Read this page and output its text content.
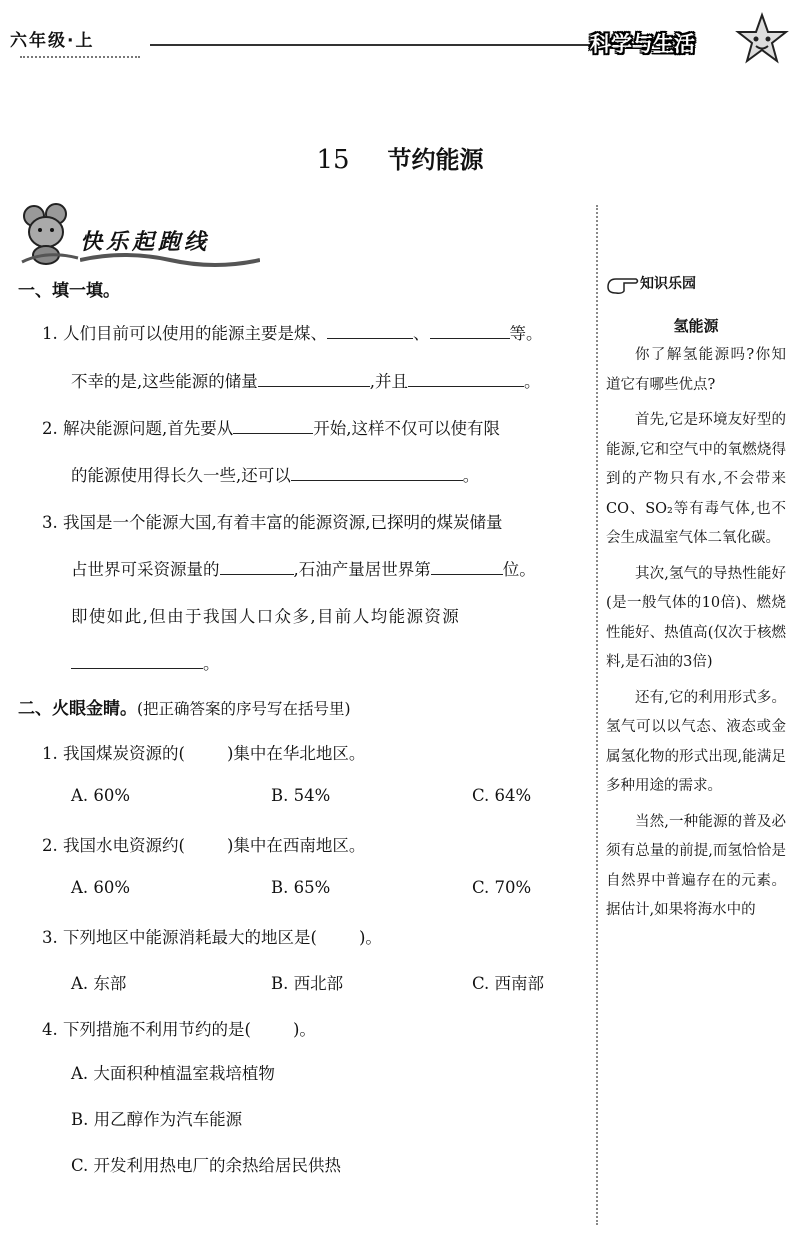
六年级·上	科学与生活
15 节约能源
快乐起跑线
一、填一填。
1. 人们目前可以使用的能源主要是煤、	、	等。
不幸的是,这些能源的储量	,并且	。
2. 解决能源问题,首先要从	开始,这样不仅可以使有限
的能源使用得长久一些,还可以	。
3. 我国是一个能源大国,有着丰富的能源资源,已探明的煤炭储量
占世界可采资源量的	,石油产量居世界第	位。
即使如此,但由于我国人口众多,目前人均能源资源
。
二、火眼金睛。(把正确答案的序号写在括号里)
1. 我国煤炭资源的(	)集中在华北地区。
A. 60%	B. 54%	C. 64%
2. 我国水电资源约(	)集中在西南地区。
A. 60%	B. 65%	C. 70%
3. 下列地区中能源消耗最大的地区是(	)。
A. 东部	B. 西北部	C. 西南部
4. 下列措施不利用节约的是(	)。
A. 大面积种植温室栽培植物
B. 用乙醇作为汽车能源
C. 开发利用热电厂的余热给居民供热
知识乐园
氢能源

你了解氢能源吗?你知道它有哪些优点?

首先,它是环境友好型的能源,它和空气中的氧燃烧得到的产物只有水,不会带来CO、SO₂等有毒气体,也不会生成温室气体二氧化碳。

其次,氢气的导热性能好(是一般气体的10倍)、燃烧性能好、热值高(仅次于核燃料,是石油的3倍)

还有,它的利用形式多。氢气可以以气态、液态或金属氢化物的形式出现,能满足多种用途的需求。

当然,一种能源的普及必须有总量的前提,而氢恰恰是自然界中普遍存在的元素。据估计,如果将海水中的
